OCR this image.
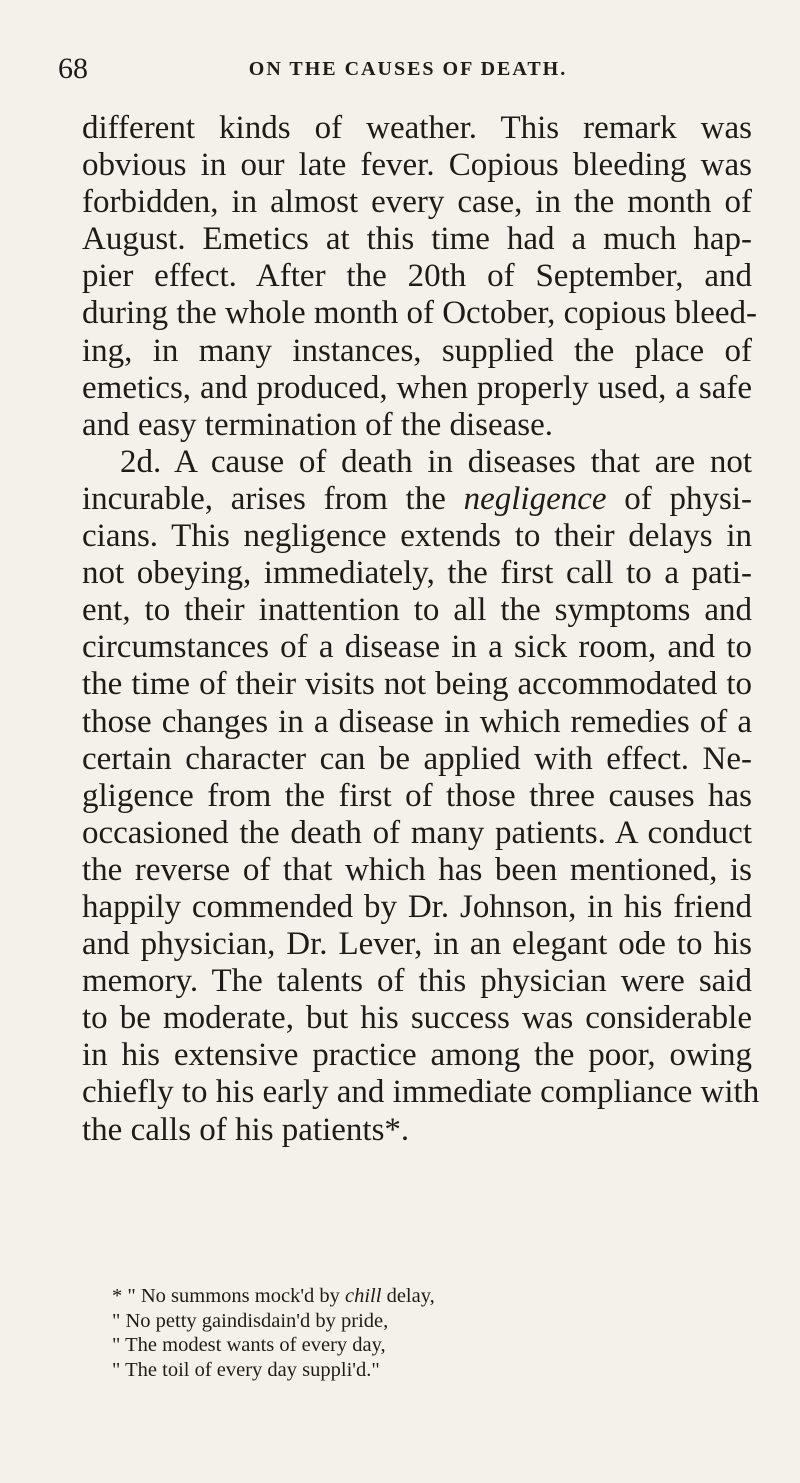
68	ON THE CAUSES OF DEATH.
different kinds of weather. This remark was
obvious in our late fever. Copious bleeding was
forbidden, in almost every case, in the month of
August. Emetics at this time had a much hap-
pier effect. After the 20th of September, and
during the whole month of October, copious bleed-
ing, in many instances, supplied the place of
emetics, and produced, when properly used, a safe
and easy termination of the disease.
2d. A cause of death in diseases that are not
incurable, arises from the negligence of physi-
cians. This negligence extends to their delays in
not obeying, immediately, the first call to a pati-
ent, to their inattention to all the symptoms and
circumstances of a disease in a sick room, and to
the time of their visits not being accommodated to
those changes in a disease in which remedies of a
certain character can be applied with effect. Ne-
gligence from the first of those three causes has
occasioned the death of many patients. A conduct
the reverse of that which has been mentioned, is
happily commended by Dr. Johnson, in his friend
and physician, Dr. Lever, in an elegant ode to his
memory. The talents of this physician were said
to be moderate, but his success was considerable
in his extensive practice among the poor, owing
chiefly to his early and immediate compliance with
the calls of his patients*.
* " No summons mock'd by chill delay,
" No petty gaindisdain'd by pride,
" The modest wants of every day,
" The toil of every day suppli'd."
